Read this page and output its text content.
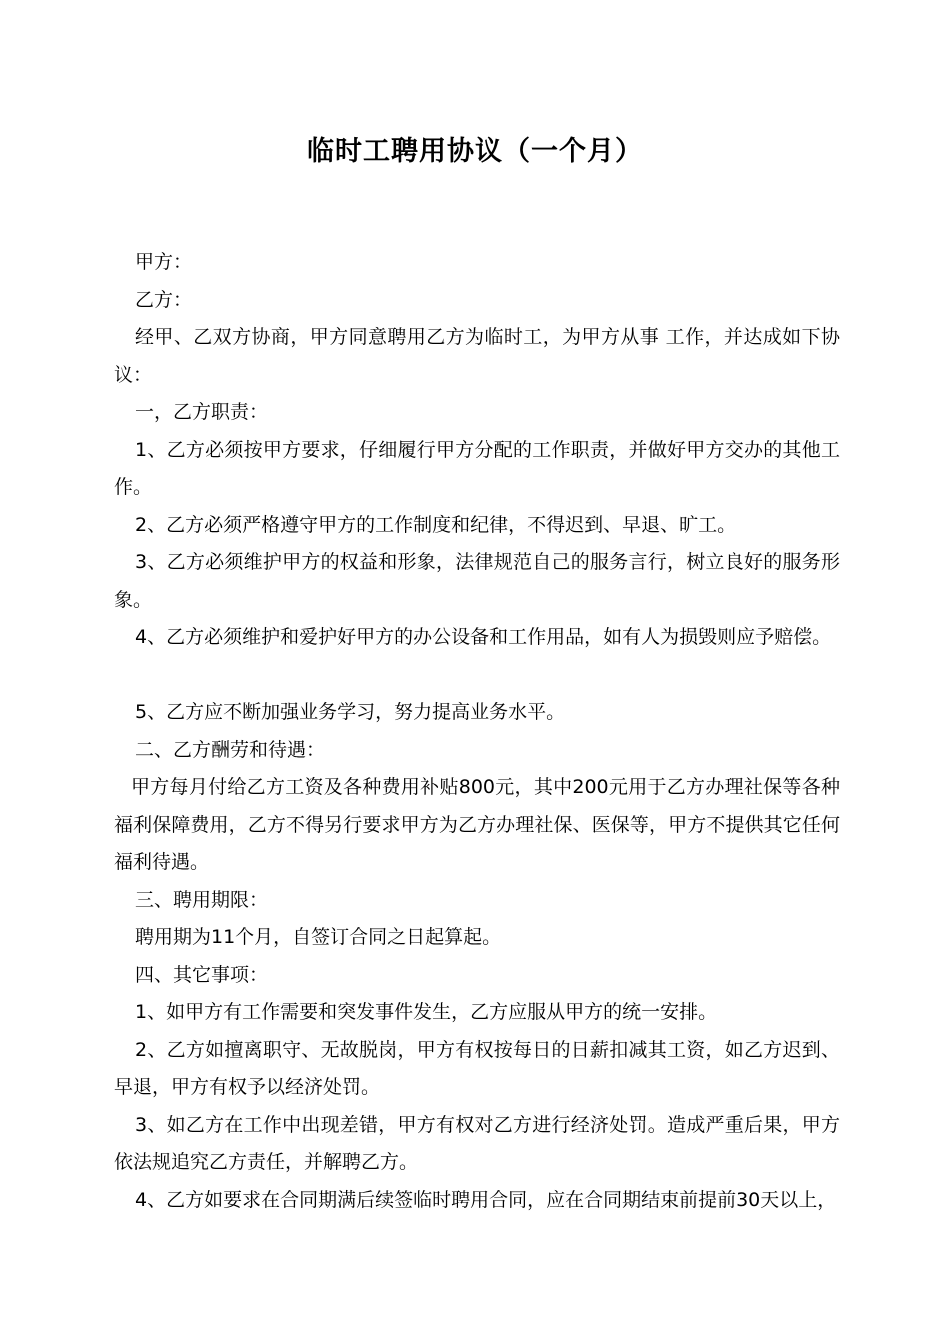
临时工聘用协议（一个月）

甲方：

乙方：

经甲、乙双方协商，甲方同意聘用乙方为临时工，为甲方从事 工作，并达成如下协议：

一，乙方职责：

1、乙方必须按甲方要求，仔细履行甲方分配的工作职责，并做好甲方交办的其他工作。

2、乙方必须严格遵守甲方的工作制度和纪律，不得迟到、早退、旷工。

3、乙方必须维护甲方的权益和形象，法律规范自己的服务言行，树立良好的服务形象。

4、乙方必须维护和爱护好甲方的办公设备和工作用品，如有人为损毁则应予赔偿。

5、乙方应不断加强业务学习，努力提高业务水平。

二、乙方酬劳和待遇：

甲方每月付给乙方工资及各种费用补贴800元，其中200元用于乙方办理社保等各种福利保障费用，乙方不得另行要求甲方为乙方办理社保、医保等，甲方不提供其它任何福利待遇。

三、聘用期限：

聘用期为11个月，自签订合同之日起算起。

四、其它事项：

1、如甲方有工作需要和突发事件发生，乙方应服从甲方的统一安排。

2、乙方如擅离职守、无故脱岗，甲方有权按每日的日薪扣减其工资，如乙方迟到、早退，甲方有权予以经济处罚。

3、如乙方在工作中出现差错，甲方有权对乙方进行经济处罚。造成严重后果，甲方依法规追究乙方责任，并解聘乙方。

4、乙方如要求在合同期满后续签临时聘用合同，应在合同期结束前提前30天以上，
